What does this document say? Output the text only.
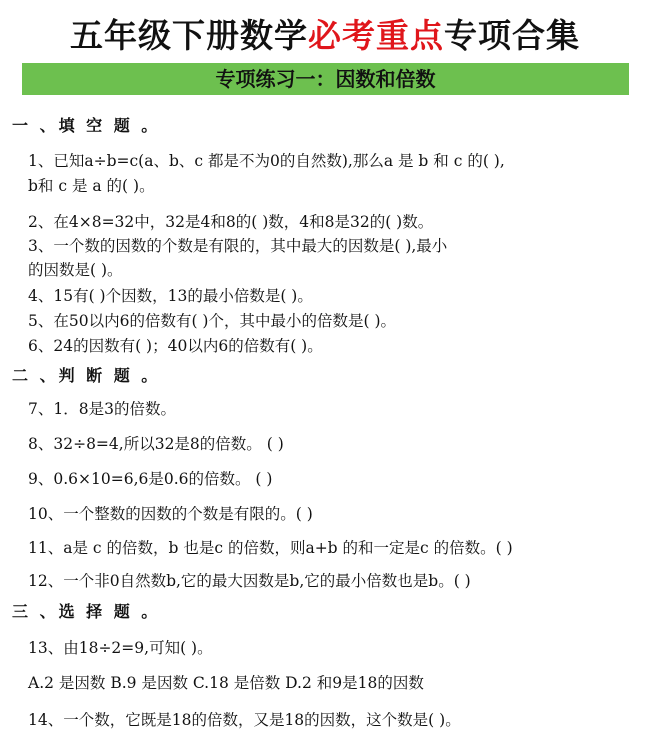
五年级下册数学必考重点专项合集
专项练习一：因数和倍数
一 、填 空 题 。
1、已知a÷b=c(a、b、c 都是不为0的自然数),那么a 是 b 和 c 的( ),
b和 c 是 a 的( )。
2、在4×8=32中，32是4和8的( )数，4和8是32的( )数。
3、一个数的因数的个数是有限的，其中最大的因数是( ),最小
的因数是( )。
4、15有( )个因数，13的最小倍数是( )。
5、在50以内6的倍数有( )个，其中最小的倍数是( )。
6、24的因数有( )；40以内6的倍数有( )。
二 、判 断 题 。
7、1．8是3的倍数。
8、32÷8=4,所以32是8的倍数。 ( )
9、0.6×10=6,6是0.6的倍数。 ( )
10、一个整数的因数的个数是有限的。( )
11、a是 c 的倍数，b 也是c 的倍数，则a+b 的和一定是c 的倍数。( )
12、一个非0自然数b,它的最大因数是b,它的最小倍数也是b。( )
三 、选 择 题 。
13、由18÷2=9,可知( )。
A.2 是因数 B.9 是因数 C.18 是倍数 D.2 和9是18的因数
14、一个数，它既是18的倍数，又是18的因数，这个数是( )。
